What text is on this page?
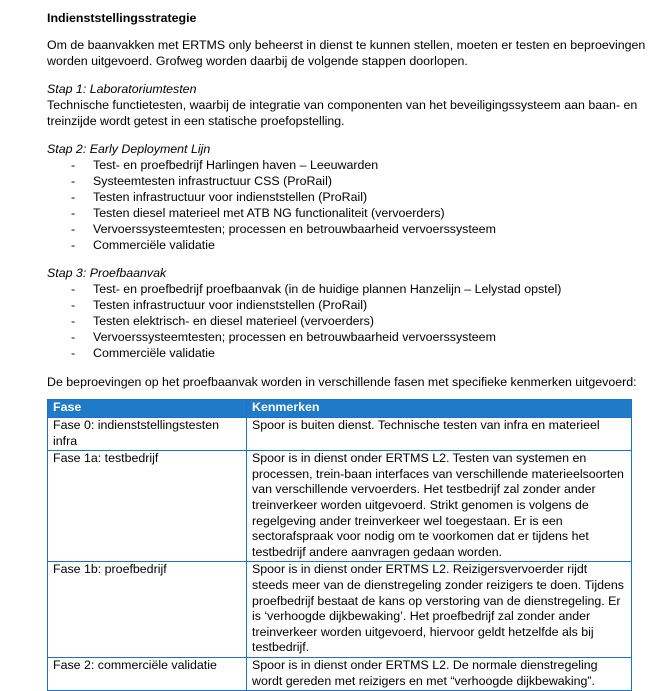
Indienststellingsstrategie

Om de baanvakken met ERTMS only beheerst in dienst te kunnen stellen, moeten er testen en beproevingen worden uitgevoerd. Grofweg worden daarbij de volgende stappen doorlopen.

Stap 1: Laboratoriumtesten

Technische functietesten, waarbij de integratie van componenten van het beveiligingssysteem aan baan- en treinzijde wordt getest in een statische proefopstelling.

Stap 2: Early Deployment Lijn

- Test- en proefbedrijf Harlingen haven – Leeuwarden
- Systeemtesten infrastructuur CSS (ProRail)
- Testen infrastructuur voor indienststellen (ProRail)
- Testen diesel materieel met ATB NG functionaliteit (vervoerders)
- Vervoerssysteemtesten; processen en betrouwbaarheid vervoerssysteem
- Commerciële validatie

Stap 3: Proefbaanvak

- Test- en proefbedrijf proefbaanvak (in de huidige plannen Hanzelijn – Lelystad opstel)
- Testen infrastructuur voor indienststellen (ProRail)
- Testen elektrisch- en diesel materieel (vervoerders)
- Vervoerssysteemtesten; processen en betrouwbaarheid vervoerssysteem
- Commerciële validatie

De beproevingen op het proefbaanvak worden in verschillende fasen met specifieke kenmerken uitgevoerd:

Fase	Kenmerken
Fase 0: indienststellingstesten infra	Spoor is buiten dienst. Technische testen van infra en materieel
Fase 1a: testbedrijf	Spoor is in dienst onder ERTMS L2. Testen van systemen en processen, trein-baan interfaces van verschillende materieelsoorten van verschillende vervoerders. Het testbedrijf zal zonder ander treinverkeer worden uitgevoerd. Strikt genomen is volgens de regelgeving ander treinverkeer wel toegestaan. Er is een sectorafspraak voor nodig om te voorkomen dat er tijdens het testbedrijf andere aanvragen gedaan worden.
Fase 1b: proefbedrijf	Spoor is in dienst onder ERTMS L2. Reizigersvervoerder rijdt steeds meer van de dienstregeling zonder reizigers te doen. Tijdens proefbedrijf bestaat de kans op verstoring van de dienstregeling. Er is ‘verhoogde dijkbewaking’. Het proefbedrijf zal zonder ander treinverkeer worden uitgevoerd, hiervoor geldt hetzelfde als bij testbedrijf.
Fase 2: commerciële validatie	Spoor is in dienst onder ERTMS L2. De normale dienstregeling wordt gereden met reizigers en met “verhoogde dijkbewaking”.
